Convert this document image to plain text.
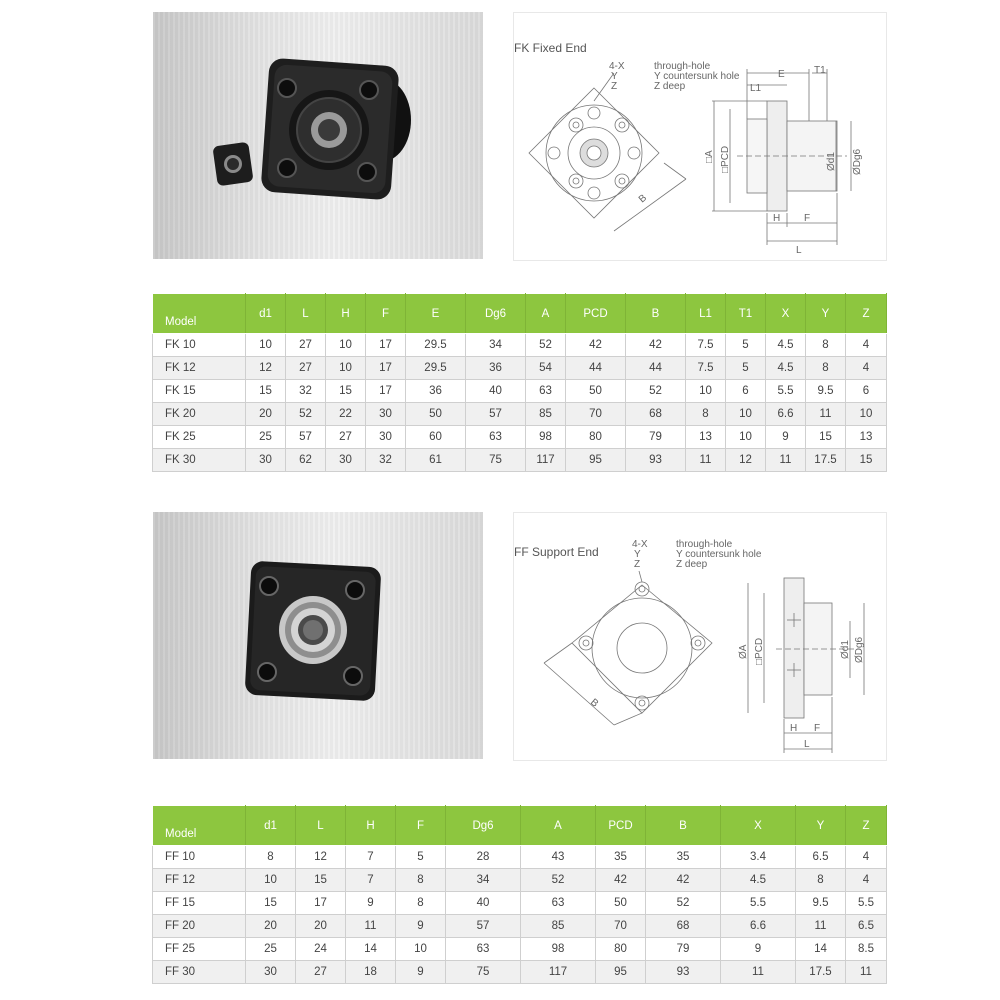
FK Fixed End
4-X
Y
Z
through-hole
Y countersunk hole
Z deep
E	T1
L1
B
□A □PCD	Ød1 ØDg6
H F
L
Model	d1	L	H	F	E	Dg6	A	PCD	B	L1	T1	X	Y	Z
FK 10	10	27	10	17	29.5	34	52	42	42	7.5	5	4.5	8	4
FK 12	12	27	10	17	29.5	36	54	44	44	7.5	5	4.5	8	4
FK 15	15	32	15	17	36	40	63	50	52	10	6	5.5	9.5	6
FK 20	20	52	22	30	50	57	85	70	68	8	10	6.6	11	10
FK 25	25	57	27	30	60	63	98	80	79	13	10	9	15	13
FK 30	30	62	30	32	61	75	117	95	93	11	12	11	17.5	15
FF Support End
4-X
Y
Z
through-hole
Y countersunk hole
Z deep
B
ØA □PCD	Ød1 ØDg6
H F
L
Model	d1	L	H	F	Dg6	A	PCD	B	X	Y	Z
FF 10	8	12	7	5	28	43	35	35	3.4	6.5	4
FF 12	10	15	7	8	34	52	42	42	4.5	8	4
FF 15	15	17	9	8	40	63	50	52	5.5	9.5	5.5
FF 20	20	20	11	9	57	85	70	68	6.6	11	6.5
FF 25	25	24	14	10	63	98	80	79	9	14	8.5
FF 30	30	27	18	9	75	117	95	93	11	17.5	11
